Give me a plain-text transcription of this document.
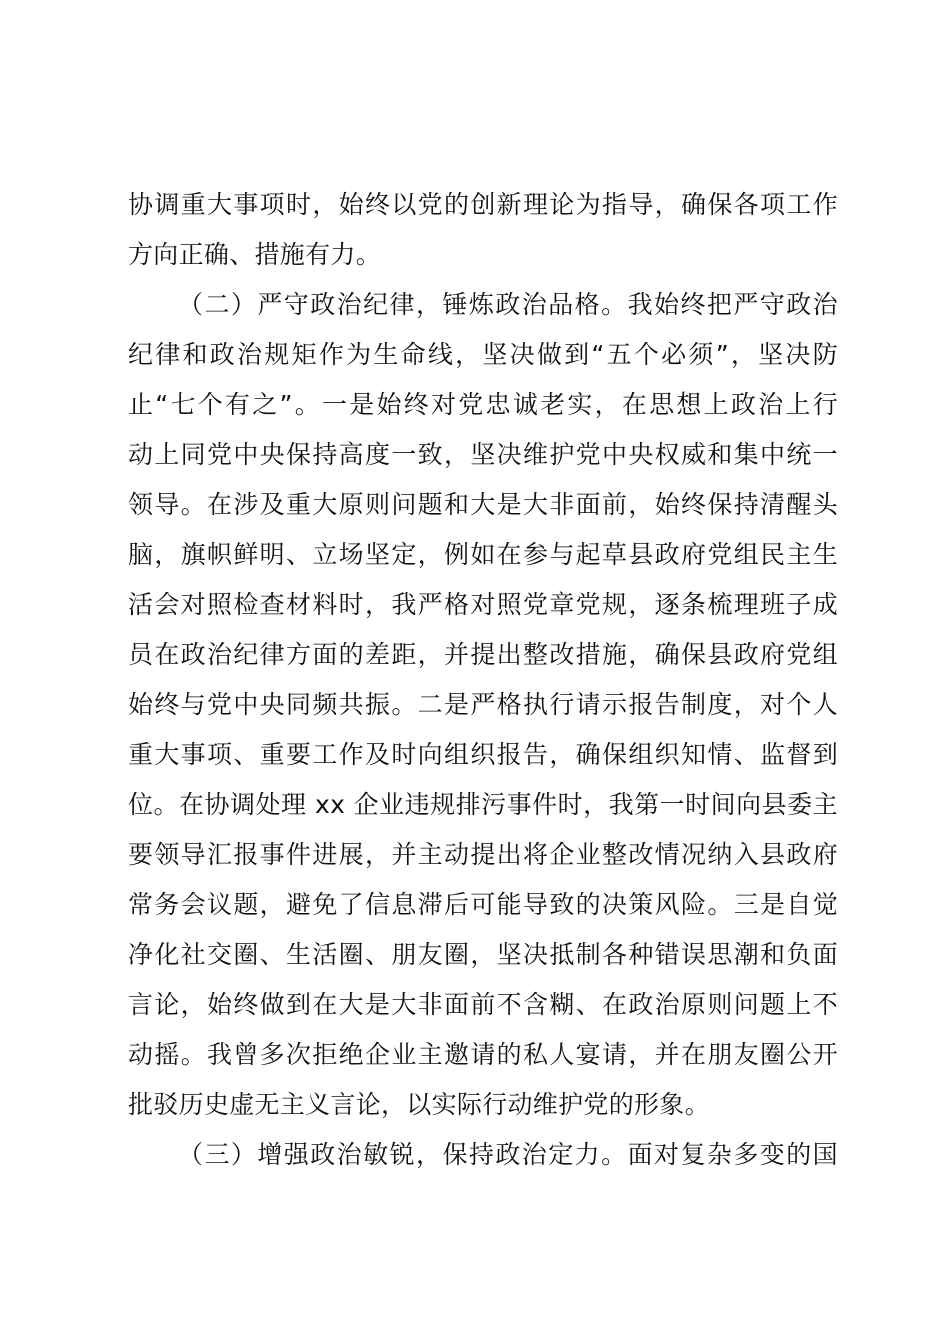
协调重大事项时，始终以党的创新理论为指导，确保各项工作
方向正确、措施有力。
（二）严守政治纪律，锤炼政治品格。我始终把严守政治
纪律和政治规矩作为生命线，坚决做到“五个必须”，坚决防
止“七个有之”。一是始终对党忠诚老实，在思想上政治上行
动上同党中央保持高度一致，坚决维护党中央权威和集中统一
领导。在涉及重大原则问题和大是大非面前，始终保持清醒头
脑，旗帜鲜明、立场坚定，例如在参与起草县政府党组民主生
活会对照检查材料时，我严格对照党章党规，逐条梳理班子成
员在政治纪律方面的差距，并提出整改措施，确保县政府党组
始终与党中央同频共振。二是严格执行请示报告制度，对个人
重大事项、重要工作及时向组织报告，确保组织知情、监督到
位。在协调处理 xx 企业违规排污事件时，我第一时间向县委主
要领导汇报事件进展，并主动提出将企业整改情况纳入县政府
常务会议题，避免了信息滞后可能导致的决策风险。三是自觉
净化社交圈、生活圈、朋友圈，坚决抵制各种错误思潮和负面
言论，始终做到在大是大非面前不含糊、在政治原则问题上不
动摇。我曾多次拒绝企业主邀请的私人宴请，并在朋友圈公开
批驳历史虚无主义言论，以实际行动维护党的形象。
（三）增强政治敏锐，保持政治定力。面对复杂多变的国
